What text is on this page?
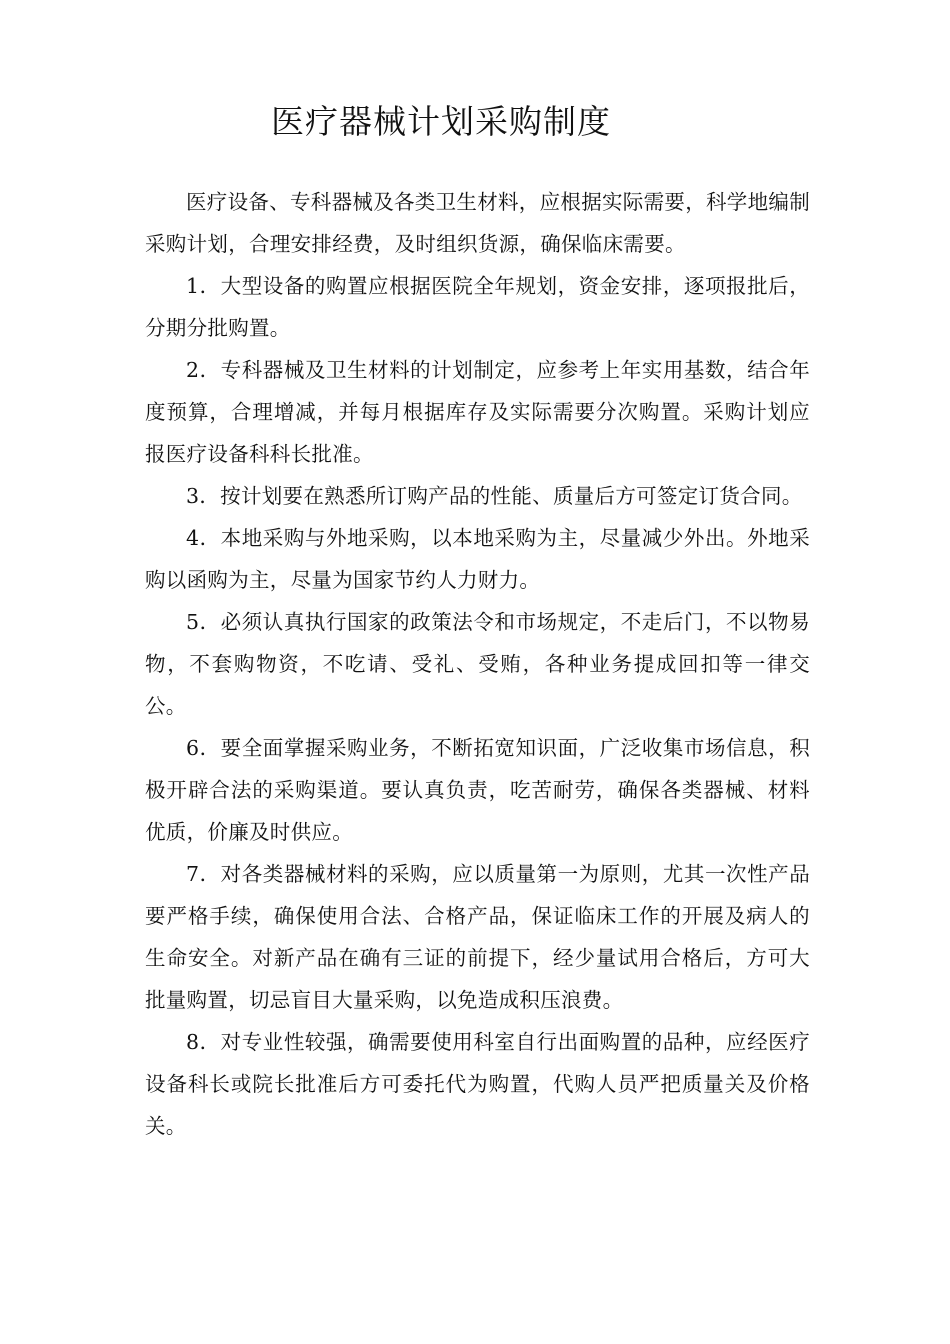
医疗器械计划采购制度

医疗设备、专科器械及各类卫生材料，应根据实际需要，科学地编制采购计划，合理安排经费，及时组织货源，确保临床需要。

1．大型设备的购置应根据医院全年规划，资金安排，逐项报批后，分期分批购置。

2．专科器械及卫生材料的计划制定，应参考上年实用基数，结合年度预算，合理增减，并每月根据库存及实际需要分次购置。采购计划应报医疗设备科科长批准。

3．按计划要在熟悉所订购产品的性能、质量后方可签定订货合同。

4．本地采购与外地采购，以本地采购为主，尽量减少外出。外地采购以函购为主，尽量为国家节约人力财力。

5．必须认真执行国家的政策法令和市场规定，不走后门，不以物易物，不套购物资，不吃请、受礼、受贿，各种业务提成回扣等一律交公。

6．要全面掌握采购业务，不断拓宽知识面，广泛收集市场信息，积极开辟合法的采购渠道。要认真负责，吃苦耐劳，确保各类器械、材料优质，价廉及时供应。

7．对各类器械材料的采购，应以质量第一为原则，尤其一次性产品要严格手续，确保使用合法、合格产品，保证临床工作的开展及病人的生命安全。对新产品在确有三证的前提下，经少量试用合格后，方可大批量购置，切忌盲目大量采购，以免造成积压浪费。

8．对专业性较强，确需要使用科室自行出面购置的品种，应经医疗设备科长或院长批准后方可委托代为购置，代购人员严把质量关及价格关。
